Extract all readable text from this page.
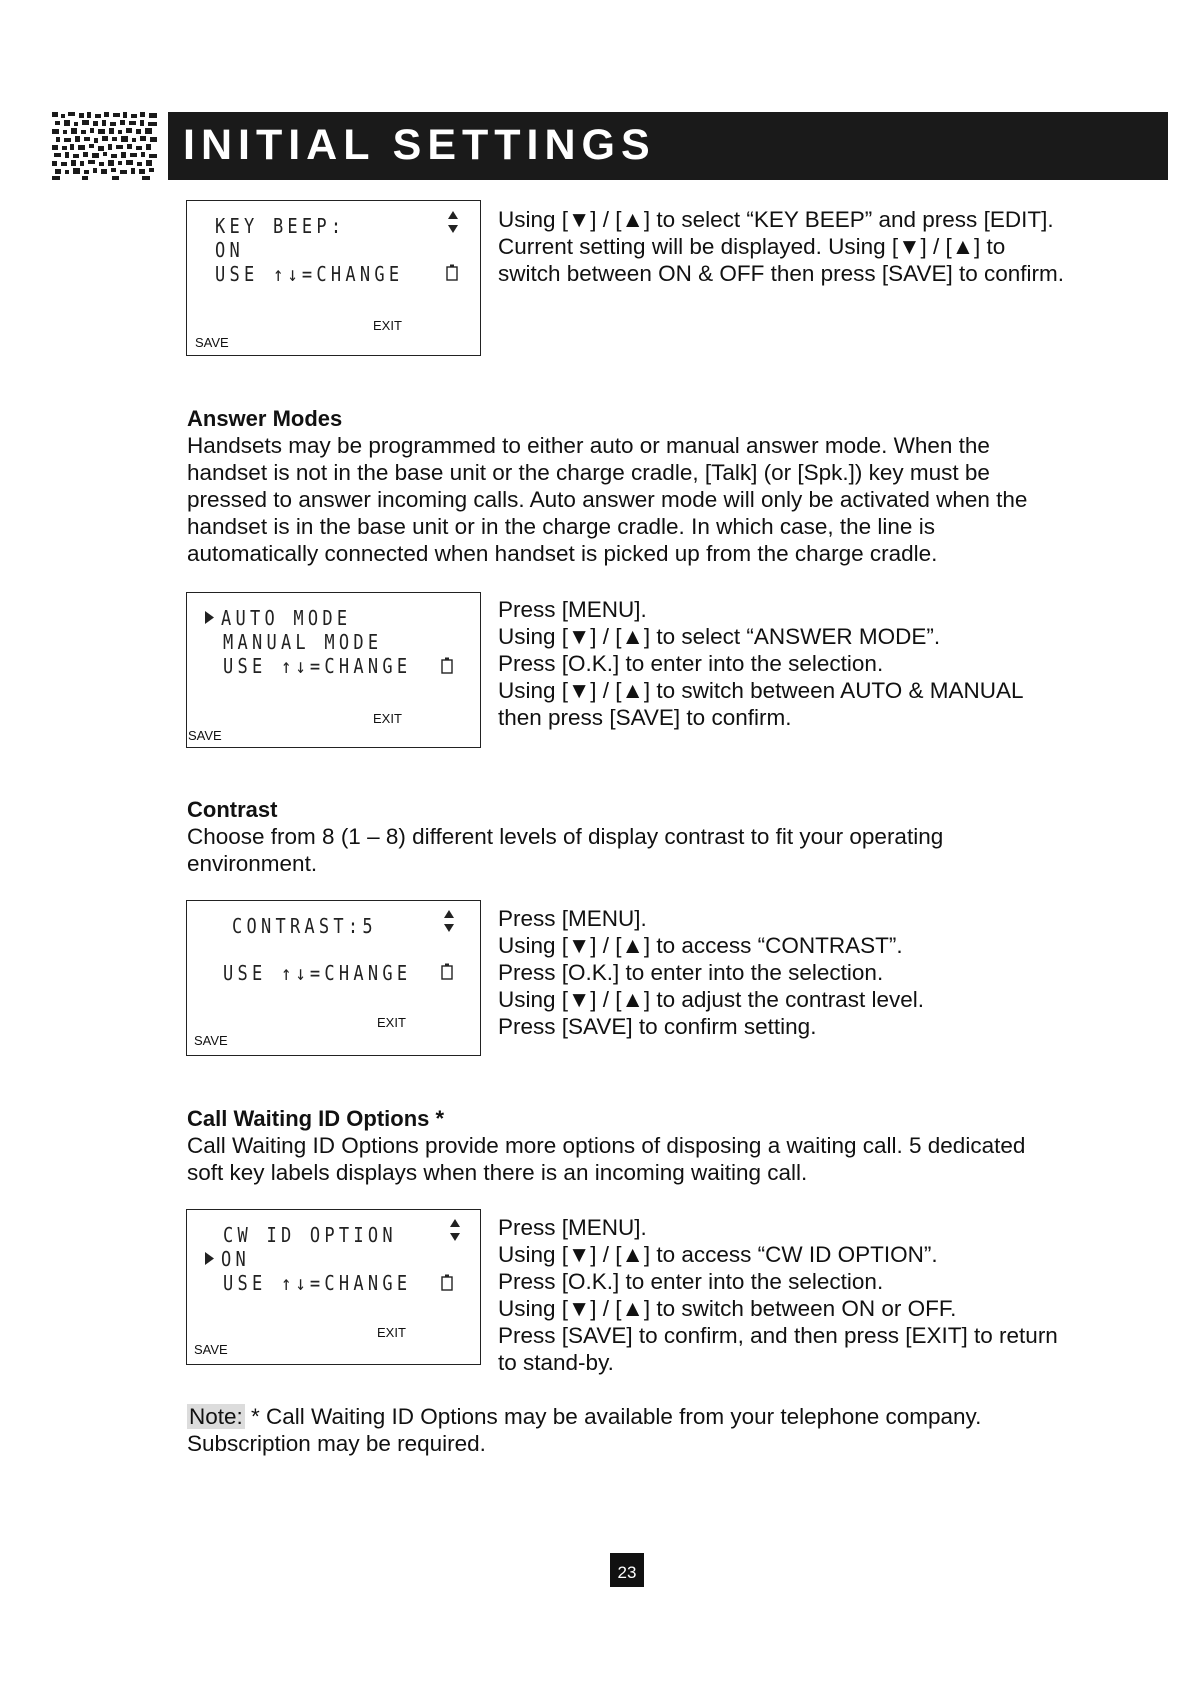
INITIAL SETTINGS
KEY BEEP:
ON
USE ↑↓=CHANGE
EXIT
SAVE
Using [▼] / [▲] to select “KEY BEEP” and press [EDIT].
Current setting will be displayed. Using [▼] / [▲] to
switch between ON & OFF then press [SAVE] to confirm.
Answer Modes
Handsets may be programmed to either auto or manual answer mode. When the
handset is not in the base unit or the charge cradle, [Talk] (or [Spk.]) key must be
pressed to answer incoming calls. Auto answer mode will only be activated when the
handset is in the base unit or in the charge cradle. In which case, the line is
automatically connected when handset is picked up from the charge cradle.
AUTO MODE
MANUAL MODE
USE ↑↓=CHANGE
EXIT
SAVE
Press [MENU].
Using [▼] / [▲] to select “ANSWER MODE”.
Press [O.K.] to enter into the selection.
Using [▼] / [▲] to switch between AUTO & MANUAL
then press [SAVE] to confirm.
Contrast
Choose from 8 (1 – 8) different levels of display contrast to fit your operating
environment.
CONTRAST:5
USE ↑↓=CHANGE
EXIT
SAVE
Press [MENU].
Using [▼] / [▲] to access “CONTRAST”.
Press [O.K.] to enter into the selection.
Using [▼] / [▲] to adjust the contrast level.
Press [SAVE] to confirm setting.
Call Waiting ID Options *
Call Waiting ID Options provide more options of disposing a waiting call. 5 dedicated
soft key labels displays when there is an incoming waiting call.
CW ID OPTION
ON
USE ↑↓=CHANGE
EXIT
SAVE
Press [MENU].
Using [▼] / [▲] to access “CW ID OPTION”.
Press [O.K.] to enter into the selection.
Using [▼] / [▲] to switch between ON or OFF.
Press [SAVE] to confirm, and then press [EXIT] to return
to stand-by.
Note: * Call Waiting ID Options may be available from your telephone company.
Subscription may be required.
23
